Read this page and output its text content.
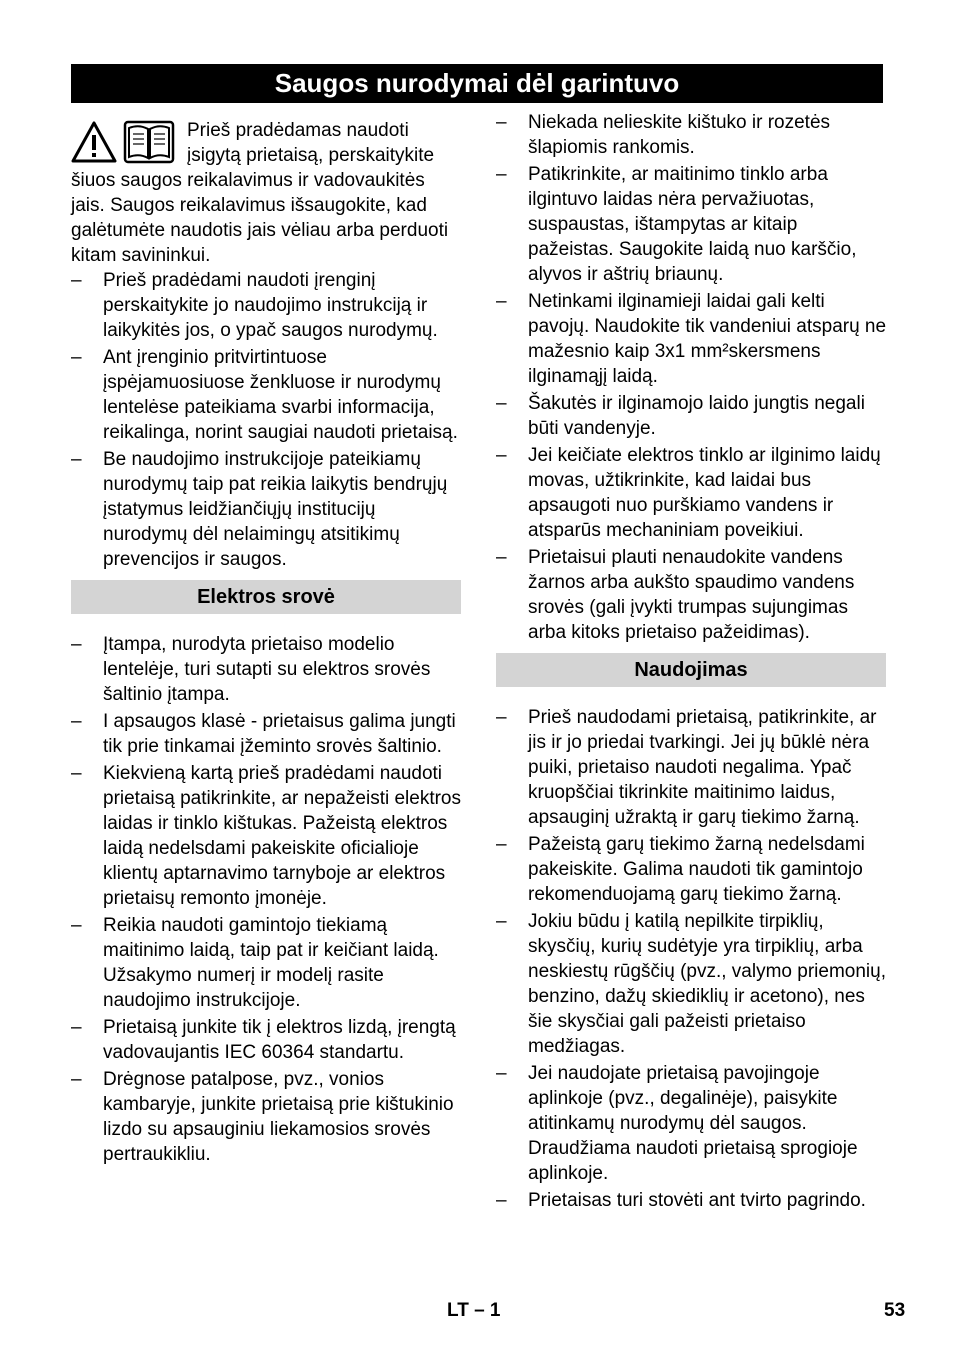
Saugos nurodymai dėl garintuvo

Prieš pradėdamas naudoti įsigytą prietaisą, perskaitykite šiuos saugos reikalavimus ir vadovaukitės jais. Saugos reikalavimus išsaugokite, kad galėtumėte naudotis jais vėliau arba perduoti kitam savininkui.

–	Prieš pradėdami naudoti įrenginį perskaitykite jo naudojimo instrukciją ir laikykitės jos, o ypač saugos nurodymų.
–	Ant įrenginio pritvirtintuose įspėjamuosiuose ženkluose ir nurodymų lentelėse pateikiama svarbi informacija, reikalinga, norint saugiai naudoti prietaisą.
–	Be naudojimo instrukcijoje pateikiamų nurodymų taip pat reikia laikytis bendrųjų įstatymus leidžiančiųjų institucijų nurodymų dėl nelaimingų atsitikimų prevencijos ir saugos.
Elektros srovė
–	Įtampa, nurodyta prietaiso modelio lentelėje, turi sutapti su elektros srovės šaltinio įtampa.
–	I apsaugos klasė - prietaisus galima jungti tik prie tinkamai įžeminto srovės šaltinio.
–	Kiekvieną kartą prieš pradėdami naudoti prietaisą patikrinkite, ar nepažeisti elektros laidas ir tinklo kištukas. Pažeistą elektros laidą nedelsdami pakeiskite oficialioje klientų aptarnavimo tarnyboje ar elektros prietaisų remonto įmonėje.
–	Reikia naudoti gamintojo tiekiamą maitinimo laidą, taip pat ir keičiant laidą. Užsakymo numerį ir modelį rasite naudojimo instrukcijoje.
–	Prietaisą junkite tik į elektros lizdą, įrengtą vadovaujantis IEC 60364 standartu.
–	Drėgnose patalpose, pvz., vonios kambaryje, junkite prietaisą prie kištukinio lizdo su apsauginiu liekamosios srovės pertraukikliu.
–	Niekada nelieskite kištuko ir rozetės šlapiomis rankomis.
–	Patikrinkite, ar maitinimo tinklo arba ilgintuvo laidas nėra pervažiuotas, suspaustas, ištampytas ar kitaip pažeistas. Saugokite laidą nuo karščio, alyvos ir aštrių briaunų.
–	Netinkami ilginamieji laidai gali kelti pavojų. Naudokite tik vandeniui atsparų ne mažesnio kaip 3x1 mm²skersmens ilginamąjį laidą.
–	Šakutės ir ilginamojo laido jungtis negali būti vandenyje.
–	Jei keičiate elektros tinklo ar ilginimo laidų movas, užtikrinkite, kad laidai bus apsaugoti nuo purškiamo vandens ir atsparūs mechaniniam poveikiui.
–	Prietaisui plauti nenaudokite vandens žarnos arba aukšto spaudimo vandens srovės (gali įvykti trumpas sujungimas arba kitoks prietaiso pažeidimas).
Naudojimas
–	Prieš naudodami prietaisą, patikrinkite, ar jis ir jo priedai tvarkingi. Jei jų būklė nėra puiki, prietaiso naudoti negalima. Ypač kruopščiai tikrinkite maitinimo laidus, apsauginį užraktą ir garų tiekimo žarną.
–	Pažeistą garų tiekimo žarną nedelsdami pakeiskite. Galima naudoti tik gamintojo rekomenduojamą garų tiekimo žarną.
–	Jokiu būdu į katilą nepilkite tirpiklių, skysčių, kurių sudėtyje yra tirpiklių, arba neskiestų rūgščių (pvz., valymo priemonių, benzino, dažų skiediklių ir acetono), nes šie skysčiai gali pažeisti prietaiso medžiagas.
–	Jei naudojate prietaisą pavojingoje aplinkoje (pvz., degalinėje), paisykite atitinkamų nurodymų dėl saugos. Draudžiama naudoti prietaisą sprogioje aplinkoje.
–	Prietaisas turi stovėti ant tvirto pagrindo.
LT – 1	53
